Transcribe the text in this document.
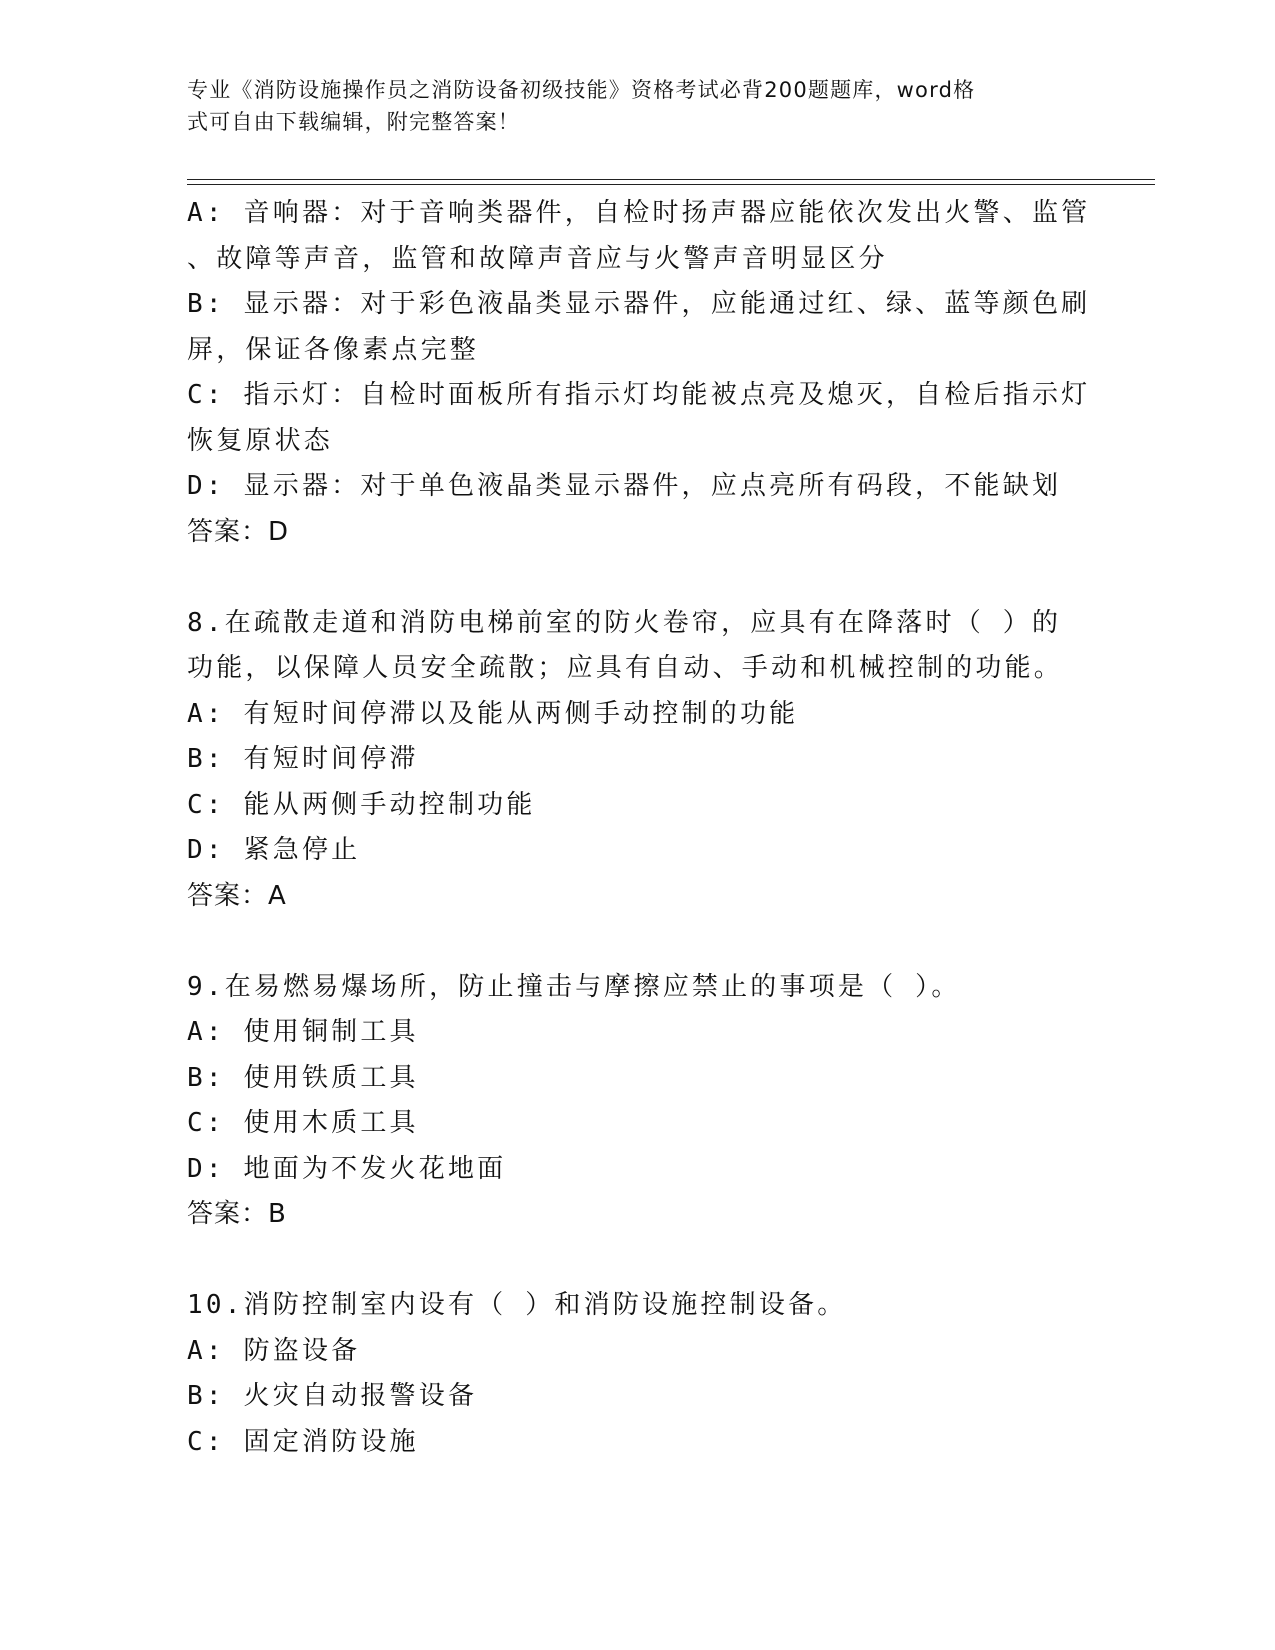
专业《消防设施操作员之消防设备初级技能》资格考试必背200题题库，word格
式可自由下载编辑，附完整答案！
A: 音响器：对于音响类器件，自检时扬声器应能依次发出火警、监管
、故障等声音，监管和故障声音应与火警声音明显区分
B: 显示器：对于彩色液晶类显示器件，应能通过红、绿、蓝等颜色刷
屏，保证各像素点完整
C: 指示灯：自检时面板所有指示灯均能被点亮及熄灭，自检后指示灯
恢复原状态
D: 显示器：对于单色液晶类显示器件，应点亮所有码段，不能缺划
答案：D
8.在疏散走道和消防电梯前室的防火卷帘，应具有在降落时（ ）的
功能，以保障人员安全疏散；应具有自动、手动和机械控制的功能。
A: 有短时间停滞以及能从两侧手动控制的功能
B: 有短时间停滞
C: 能从两侧手动控制功能
D: 紧急停止
答案：A
9.在易燃易爆场所，防止撞击与摩擦应禁止的事项是（ ）。
A: 使用铜制工具
B: 使用铁质工具
C: 使用木质工具
D: 地面为不发火花地面
答案：B
10.消防控制室内设有（ ）和消防设施控制设备。
A: 防盗设备
B: 火灾自动报警设备
C: 固定消防设施
